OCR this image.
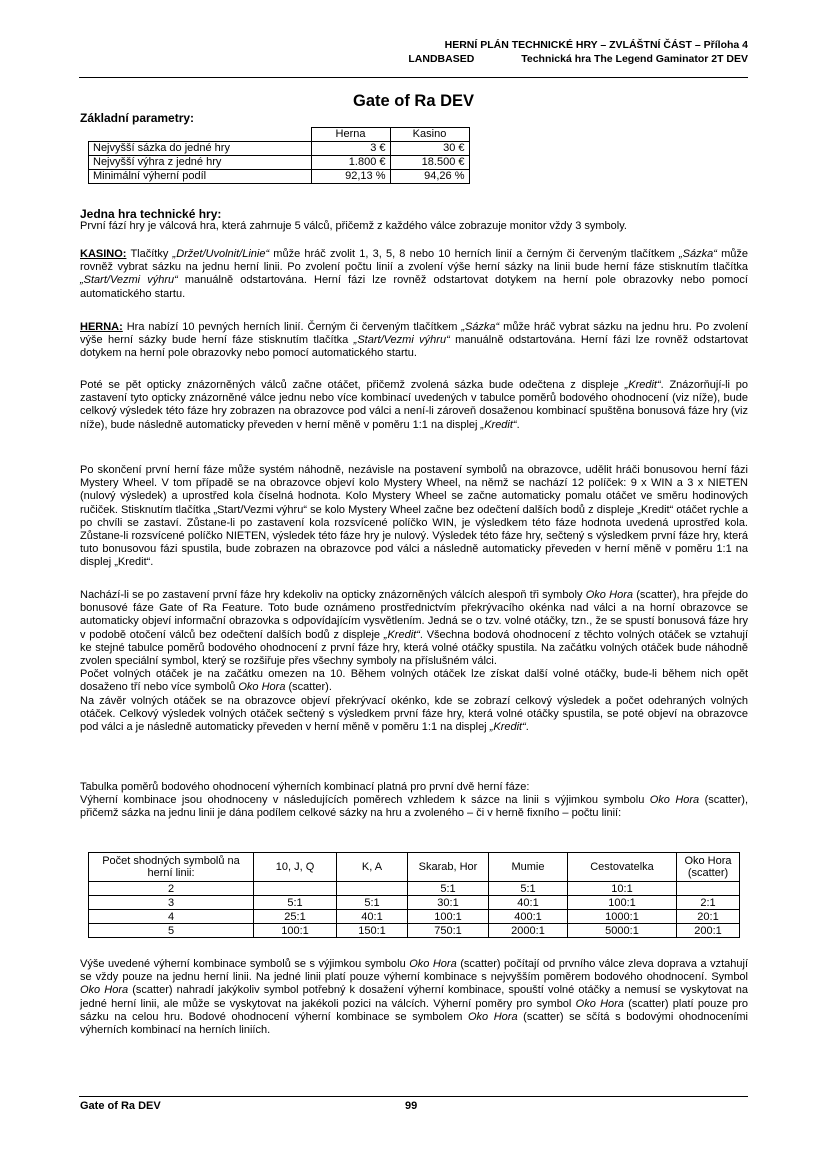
HERNÍ PLÁN TECHNICKÉ HRY – ZVLÁŠTNÍ ČÁST – Příloha 4
LANDBASED	Technická hra The Legend Gaminator 2T DEV
Gate of Ra DEV
Základní parametry:
	Herna	Kasino
Nejvyšší sázka do jedné hry	3 €	30 €
Nejvyšší výhra z jedné hry	1.800 €	18.500 €
Minimální výherní podíl	92,13 %	94,26 %
Jedna hra technické hry:
První fází hry je válcová hra, která zahrnuje 5 válců, přičemž z každého válce zobrazuje monitor vždy 3 symboly.

KASINO: Tlačítky „Držet/Uvolnit/Linie“ může hráč zvolit 1, 3, 5, 8 nebo 10 herních linií a černým či červeným tlačítkem „Sázka“ může rovněž vybrat sázku na jednu herní linii. Po zvolení počtu linií a zvolení výše herní sázky na linii bude herní fáze stisknutím tlačítka „Start/Vezmi výhru“ manuálně odstartována. Herní fázi lze rovněž odstartovat dotykem na herní pole obrazovky nebo pomocí automatického startu.

HERNA: Hra nabízí 10 pevných herních linií. Černým či červeným tlačítkem „Sázka“ může hráč vybrat sázku na jednu hru. Po zvolení výše herní sázky bude herní fáze stisknutím tlačítka „Start/Vezmi výhru“ manuálně odstartována. Herní fázi lze rovněž odstartovat dotykem na herní pole obrazovky nebo pomocí automatického startu.

Poté se pět opticky znázorněných válců začne otáčet, přičemž zvolená sázka bude odečtena z displeje „Kredit“. Znázorňují-li po zastavení tyto opticky znázorněné válce jednu nebo více kombinací uvedených v tabulce poměrů bodového ohodnocení (viz níže), bude celkový výsledek této fáze hry zobrazen na obrazovce pod válci a není-li zároveň dosaženou kombinací spuštěna bonusová fáze hry (viz níže), bude následně automaticky převeden v herní měně v poměru 1:1 na displej „Kredit“.

Po skončení první herní fáze může systém náhodně, nezávisle na postavení symbolů na obrazovce, udělit hráči bonusovou herní fázi Mystery Wheel. V tom případě se na obrazovce objeví kolo Mystery Wheel, na němž se nachází 12 políček: 9 x WIN a 3 x NIETEN (nulový výsledek) a uprostřed kola číselná hodnota. Kolo Mystery Wheel se začne automaticky pomalu otáčet ve směru hodinových ručiček. Stisknutím tlačítka „Start/Vezmi výhru“ se kolo Mystery Wheel začne bez odečtení dalších bodů z displeje „Kredit“ otáčet rychle a po chvíli se zastaví. Zůstane-li po zastavení kola rozsvícené políčko WIN, je výsledkem této fáze hodnota uvedená uprostřed kola. Zůstane-li rozsvícené políčko NIETEN, výsledek této fáze hry je nulový. Výsledek této fáze hry, sečtený s výsledkem první fáze hry, která tuto bonusovou fázi spustila, bude zobrazen na obrazovce pod válci a následně automaticky převeden v herní měně v poměru 1:1 na displej „Kredit“.

Nachází-li se po zastavení první fáze hry kdekoliv na opticky znázorněných válcích alespoň tři symboly Oko Hora (scatter), hra přejde do bonusové fáze Gate of Ra Feature. Toto bude oznámeno prostřednictvím překrývacího okénka nad válci a na horní obrazovce se automaticky objeví informační obrazovka s odpovídajícím vysvětlením. Jedná se o tzv. volné otáčky, tzn., že se spustí bonusová fáze hry v podobě otočení válců bez odečtení dalších bodů z displeje „Kredit“. Všechna bodová ohodnocení z těchto volných otáček se vztahují ke stejné tabulce poměrů bodového ohodnocení z první fáze hry, která volné otáčky spustila. Na začátku volných otáček bude náhodně zvolen speciální symbol, který se rozšiřuje přes všechny symboly na příslušném válci.

Počet volných otáček je na začátku omezen na 10. Během volných otáček lze získat další volné otáčky, bude-li během nich opět dosaženo tří nebo více symbolů Oko Hora (scatter).

Na závěr volných otáček se na obrazovce objeví překrývací okénko, kde se zobrazí celkový výsledek a počet odehraných volných otáček. Celkový výsledek volných otáček sečtený s výsledkem první fáze hry, která volné otáčky spustila, se poté objeví na obrazovce pod válci a je následně automaticky převeden v herní měně v poměru 1:1 na displej „Kredit“.

Tabulka poměrů bodového ohodnocení výherních kombinací platná pro první dvě herní fáze:

Výherní kombinace jsou ohodnoceny v následujících poměrech vzhledem k sázce na linii s výjimkou symbolu Oko Hora (scatter), přičemž sázka na jednu linii je dána podílem celkové sázky na hru a zvoleného – či v herně fixního – počtu linií:

Počet shodných symbolů na herní linii:	10, J, Q	K, A	Skarab, Hor	Mumie	Cestovatelka	Oko Hora (scatter)
2			5:1	5:1	10:1	
3	5:1	5:1	30:1	40:1	100:1	2:1
4	25:1	40:1	100:1	400:1	1000:1	20:1
5	100:1	150:1	750:1	2000:1	5000:1	200:1

Výše uvedené výherní kombinace symbolů se s výjimkou symbolu Oko Hora (scatter) počítají od prvního válce zleva doprava a vztahují se vždy pouze na jednu herní linii. Na jedné linii platí pouze výherní kombinace s nejvyšším poměrem bodového ohodnocení. Symbol Oko Hora (scatter) nahradí jakýkoliv symbol potřebný k dosažení výherní kombinace, spouští volné otáčky a nemusí se vyskytovat na jedné herní linii, ale může se vyskytovat na jakékoli pozici na válcích. Výherní poměry pro symbol Oko Hora (scatter) platí pouze pro sázku na celou hru. Bodové ohodnocení výherní kombinace se symbolem Oko Hora (scatter) se sčítá s bodovými ohodnoceními výherních kombinací na herních liniích.

Gate of Ra DEV	99
